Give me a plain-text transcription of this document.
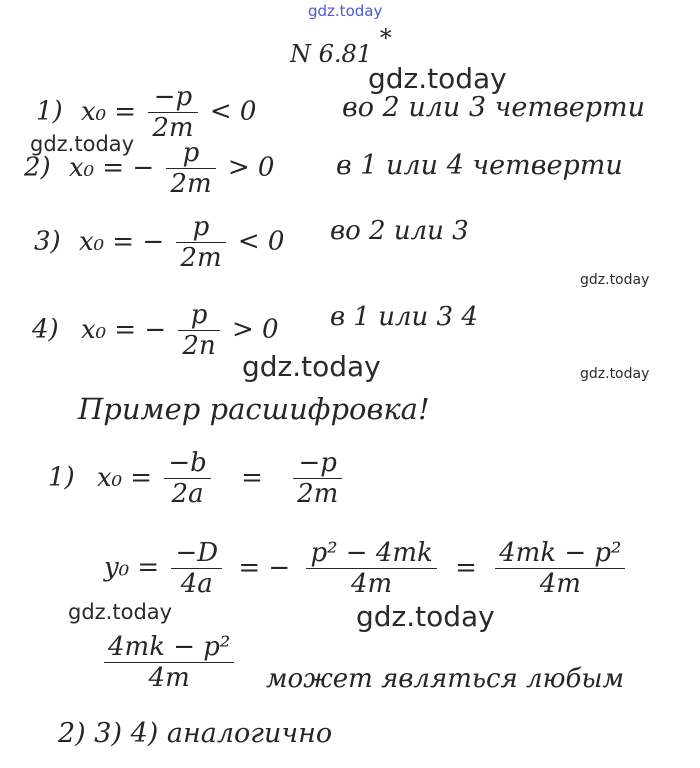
gdz.today
gdz.today
gdz.today
gdz.today
gdz.today	gdz.today
gdz.today	gdz.today
N 6.81 *
1) $x_0 = \frac{-p}{2m} < 0$	во 2 или 3 четверти
2) x₀ = − $\frac{p}{2m} > 0$ в 1 или 4 четверти
3) x₀ = − $\frac{p}{2m} < 0$ во 2 или 3
4) x₀ = − $\frac{p}{2n} > 0$ в 1 или 3 4
Пример расшифровка!
1) $x_0 = \frac{-b}{2a} = \frac{-p}{2m}$
$y_0 = \frac{-D}{4a}$ = − $\frac{\text{p² − 4mk}}{4m} = \frac{\text{4mk − p²}}{4m}$
$\frac{\text{4mk − p²}}{4m}$ может являться любым
2) 3) 4) аналогично
